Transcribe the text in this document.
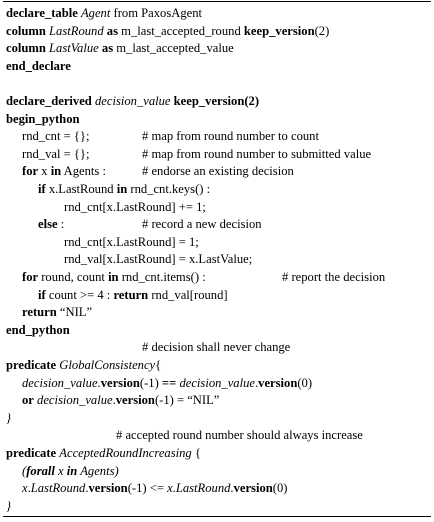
declare_table Agent from PaxosAgent
column LastRound as m_last_accepted_round keep_version(2)
column LastValue as m_last_accepted_value
end_declare
declare_derived decision_value keep_version(2)
begin_python
rnd_cnt = {};	# map from round number to count
rnd_val = {};	# map from round number to submitted value
for x in Agents :	# endorse an existing decision
if x.LastRound in rnd_cnt.keys() :
rnd_cnt[x.LastRound] += 1;
else :	# record a new decision
rnd_cnt[x.LastRound] = 1;
rnd_val[x.LastRound] = x.LastValue;
for round, count in rnd_cnt.items() :	# report the decision
if count >= 4 : return rnd_val[round]
return “NIL”
end_python
# decision shall never change
predicate GlobalConsistency{
decision_value.version(-1) == decision_value.version(0)
or decision_value.version(-1) = “NIL”
}
# accepted round number should always increase
predicate AcceptedRoundIncreasing {
(forall x in Agents)
x.LastRound.version(-1) <= x.LastRound.version(0)
}
